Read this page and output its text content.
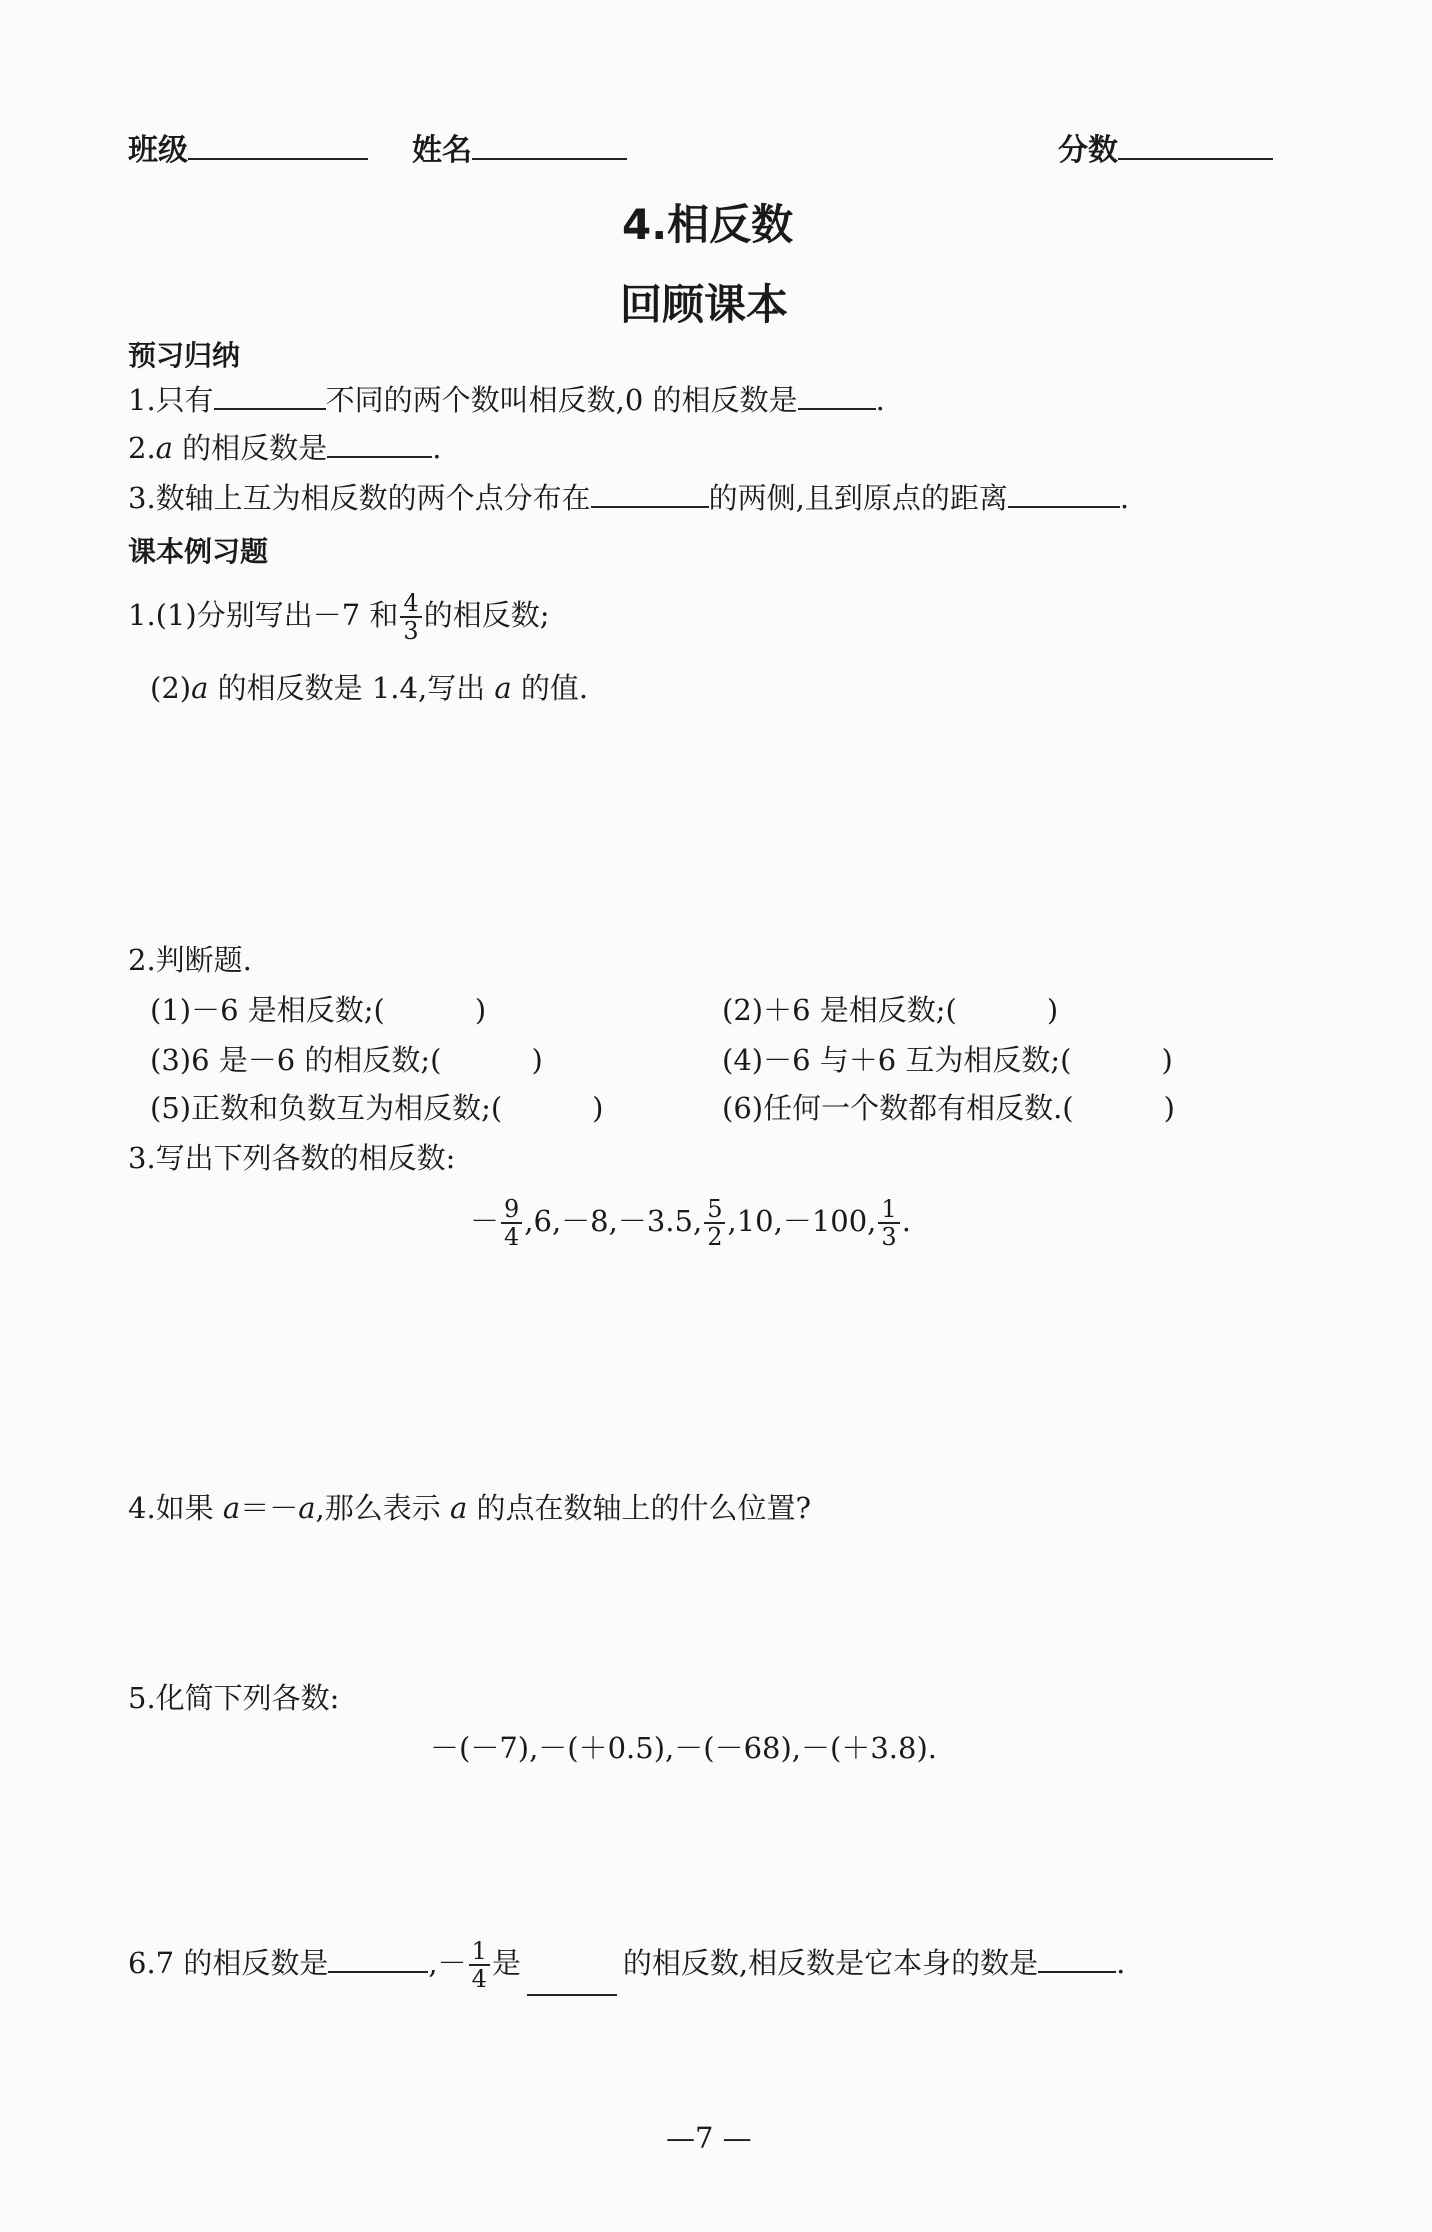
班级	姓名	分数
4.相反数
回顾课本
预习归纳
1.只有	不同的两个数叫相反数,0 的相反数是	.
2.a 的相反数是	.
3.数轴上互为相反数的两个点分布在	的两侧,且到原点的距离	.
课本例习题
1.(1)分别写出－7 和 $\frac{4}{3}$ 的相反数;
(2)a 的相反数是 1.4,写出 a 的值.
2.判断题.
(1)－6 是相反数;(	)	(2)＋6 是相反数;(	)
(3)6 是－6 的相反数;(	)	(4)－6 与＋6 互为相反数;(	)
(5)正数和负数互为相反数;(	)	(6)任何一个数都有相反数.(	)
3.写出下列各数的相反数:
－ $\frac{9}{4} ,6,-8,-3.5$, $\frac{5}{2} ,10,-100$, $\frac{1}{3}$ .
4.如果 a＝－a,那么表示 a 的点在数轴上的什么位置?
5.化简下列各数:
－(－7),－(＋0.5),－(－68),－(＋3.8).
6.7 的相反数是	,－ $\frac{1}{4}$ 是	的相反数,相反数是它本身的数是	.
—7 —
